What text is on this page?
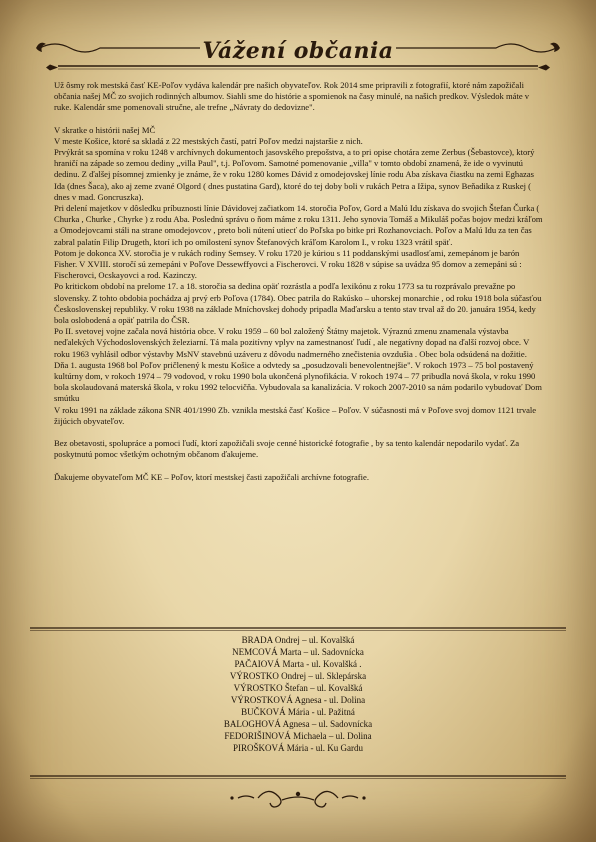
Vážení občania

Už ôsmy rok mestská časť KE-Poľov vydáva kalendár pre našich obyvateľov. Rok 2014 sme pripravili z fotografií, ktoré nám zapožičali občania našej MČ zo svojich rodinných albumov. Siahli sme do histórie a spomienok na časy minulé, na našich predkov. Výsledok máte v ruke. Kalendár sme pomenovali stručne, ale trefne „Návraty do dedovizne".

V skratke o histórii našej MČ

V meste Košice, ktoré sa skladá z 22 mestských častí, patrí Poľov medzi najstaršie z nich.

Prvýkrát sa spomína v roku 1248 v archívnych dokumentoch jasovského prepošstva, a to pri opise chotára zeme Zerbus (Šebastovce), ktorý hraničí na západe so zemou dediny „villa Paul", t.j. Poľovom. Samotné pomenovanie „villa" v tomto období znamená, že ide o vyvinutú dedinu. Z ďalšej písomnej zmienky je známe, že v roku 1280 komes Dávid z omodejovskej línie rodu Aba získava čiastku na zemi Eghazas Ida (dnes Šaca), ako aj zeme zvané Olgord ( dnes pustatina Gard), ktoré do tej doby boli v rukách Petra a Ižipa, synov Beňadika z Ruskej ( dnes v mad. Goncruszka).

Pri delení majetkov v dôsledku príbuznosti línie Dávidovej začiatkom 14. storočia Poľov, Gord a Malú Idu získava do svojich Štefan Čurka ( Churka , Churke , Chyrke ) z rodu Aba. Poslednú správu o ňom máme z roku 1311. Jeho synovia Tomáš a Mikuláš počas bojov medzi kráľom a Omodejovcami stáli na strane omodejovcov , preto boli nútení utiecť do Poľska po bitke pri Rozhanovciach. Poľov a Malú Idu za ten čas zabral palatín Filip Drugeth, ktorí ich po omilostení synov Štefanových kráľom Karolom I., v roku 1323 vrátil späť.

Potom je dokonca XV. storočia je v rukách rodiny Semsey. V roku 1720 je kúriou s 11 poddanskými usadlosťami, zemepánom je barón Fisher. V XVIII. storočí sú zemepáni v Poľove Dessewffyovci a Fischerovci. V roku 1828 v súpise sa uvádza 95 domov a zemepáni sú : Fischerovci, Ocskayovci a rod. Kazinczy.

Po kritickom období na prelome 17. a 18. storočia sa dedina opäť rozrástla a podľa lexikónu z roku 1773 sa tu rozprávalo prevažne po slovensky. Z tohto obdobia pochádza aj prvý erb Poľova (1784). Obec patrila do Rakúsko – uhorskej monarchie , od roku 1918 bola súčasťou Československej republiky. V roku 1938 na základe Mníchovskej dohody pripadla Maďarsku a tento stav trval až do 20. januára 1954, kedy bola oslobodená a opäť patrila do ČSR.

Po II. svetovej vojne začala nová história obce. V roku 1959 – 60 bol založený Štátny majetok. Výraznú zmenu znamenala výstavba neďalekých Východoslovenských železiarní. Tá mala pozitívny vplyv na zamestnanosť ľudí , ale negatívny dopad na ďalší rozvoj obce. V roku 1963 vyhlásil odbor výstavby MsNV stavebnú uzáveru z dôvodu nadmerného znečistenia ovzdušia . Obec bola odsúdená na dožitie.

Dňa 1. augusta 1968 bol Poľov pričlenený k mestu Košice a odvtedy sa „posudzovali benevolentnejšie". V rokoch 1973 – 75 bol postavený kultúrny dom, v rokoch 1974 – 79 vodovod, v roku 1990 bola ukončená plynofikácia. V rokoch 1974 – 77 pribudla nová škola, v roku 1990 bola skolaudovaná materská škola, v roku 1992 telocvičňa. Vybudovala sa kanalizácia. V rokoch 2007-2010 sa nám podarilo vybudovať Dom smútku

V roku 1991 na základe zákona SNR 401/1990 Zb. vznikla mestská časť Košice – Poľov. V súčasnosti má v Poľove svoj domov 1121 trvale žijúcich obyvateľov.

Bez obetavosti, spolupráce a pomoci ľudí, ktorí zapožičali svoje cenné historické fotografie , by sa tento kalendár nepodarilo vydať. Za poskytnutú pomoc všetkým ochotným občanom ďakujeme.

Ďakujeme obyvateľom MČ KE – Poľov, ktorí mestskej časti zapožičali archívne fotografie.

BRADA Ondrej – ul. Kovalšká
NEMCOVÁ Marta – ul. Sadovnícka
PAČAIOVÁ Marta - ul. Kovalšká .
VÝROSTKO Ondrej – ul. Sklepárska
VÝROSTKO Štefan – ul. Kovalšká
VÝROSTKOVÁ Agnesa - ul. Dolina
BUČKOVÁ Mária - ul. Pažitná
BALOGHOVÁ Agnesa – ul. Sadovnícka
FEDORIŠINOVÁ Michaela – ul. Dolina
PIROŠKOVÁ Mária - ul. Ku Gardu
